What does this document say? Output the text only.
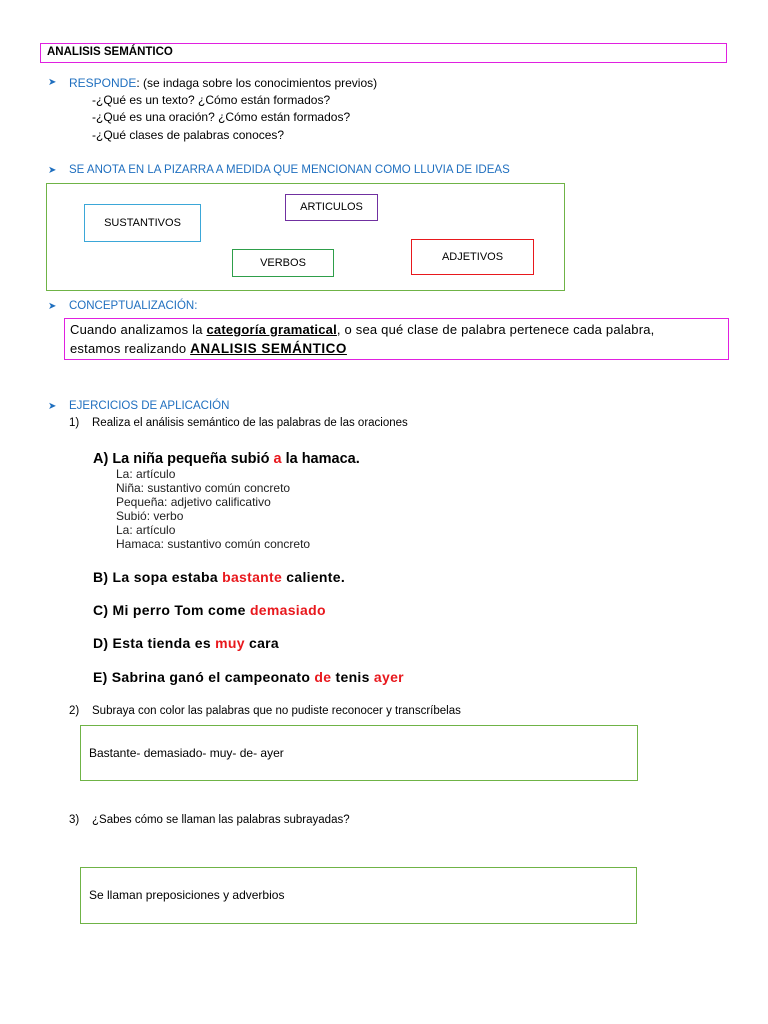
ANALISIS SEMÁNTICO
➤ RESPONDE: (se indaga sobre los conocimientos previos)
-¿Qué es un texto? ¿Cómo están formados?
-¿Qué es una oración? ¿Cómo están formados?
-¿Qué clases de palabras conoces?
➤ SE ANOTA EN LA PIZARRA A MEDIDA QUE MENCIONAN COMO LLUVIA DE IDEAS
SUSTANTIVOS
ARTICULOS
VERBOS	ADJETIVOS
➤ CONCEPTUALIZACIÓN:
Cuando analizamos la categoría gramatical, o sea qué clase de palabra pertenece cada palabra,
estamos realizando ANALISIS SEMÁNTICO
➤ EJERCICIOS DE APLICACIÓN
1) Realiza el análisis semántico de las palabras de las oraciones
A) La niña pequeña subió a la hamaca.
La: artículo
Niña: sustantivo común concreto
Pequeña: adjetivo calificativo
Subió: verbo
La: artículo
Hamaca: sustantivo común concreto
B) La sopa estaba bastante caliente.
C) Mi perro Tom come demasiado
D) Esta tienda es muy cara
E) Sabrina ganó el campeonato de tenis ayer
2) Subraya con color las palabras que no pudiste reconocer y transcríbelas
Bastante- demasiado- muy- de- ayer
3) ¿Sabes cómo se llaman las palabras subrayadas?
Se llaman preposiciones y adverbios
